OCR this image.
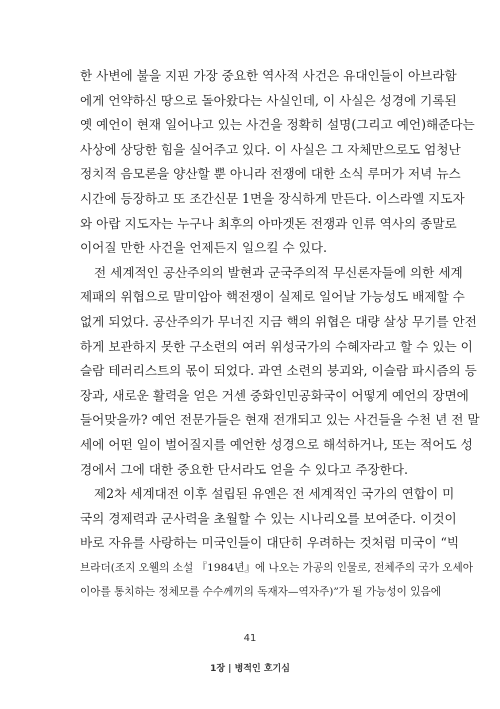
한 사변에 불을 지핀 가장 중요한 역사적 사건은 유대인들이 아브라함
에게 언약하신 땅으로 돌아왔다는 사실인데, 이 사실은 성경에 기록된
옛 예언이 현재 일어나고 있는 사건을 정확히 설명(그리고 예언)해준다는
사상에 상당한 힘을 실어주고 있다. 이 사실은 그 자체만으로도 엄청난
정치적 음모론을 양산할 뿐 아니라 전쟁에 대한 소식 루머가 저녁 뉴스
시간에 등장하고 또 조간신문 1면을 장식하게 만든다. 이스라엘 지도자
와 아랍 지도자는 누구나 최후의 아마겟돈 전쟁과 인류 역사의 종말로
이어질 만한 사건을 언제든지 일으킬 수 있다.
전 세계적인 공산주의의 발현과 군국주의적 무신론자들에 의한 세계
제패의 위협으로 말미암아 핵전쟁이 실제로 일어날 가능성도 배제할 수
없게 되었다. 공산주의가 무너진 지금 핵의 위협은 대량 살상 무기를 안전
하게 보관하지 못한 구소련의 여러 위성국가의 수혜자라고 할 수 있는 이
슬람 테러리스트의 몫이 되었다. 과연 소련의 붕괴와, 이슬람 파시즘의 등
장과, 새로운 활력을 얻은 거센 중화인민공화국이 어떻게 예언의 장면에
들어맞을까? 예언 전문가들은 현재 전개되고 있는 사건들을 수천 년 전 말
세에 어떤 일이 벌어질지를 예언한 성경으로 해석하거나, 또는 적어도 성
경에서 그에 대한 중요한 단서라도 얻을 수 있다고 주장한다.
제2차 세계대전 이후 설립된 유엔은 전 세계적인 국가의 연합이 미
국의 경제력과 군사력을 초월할 수 있는 시나리오를 보여준다. 이것이
바로 자유를 사랑하는 미국인들이 대단히 우려하는 것처럼 미국이 “빅
브라더(조지 오웰의 소설 『1984년』에 나오는 가공의 인물로, 전체주의 국가 오세아
이아를 통치하는 정체모를 수수께끼의 독재자—역자주)”가 될 가능성이 있음에
41
1장 | 병적인 호기심
